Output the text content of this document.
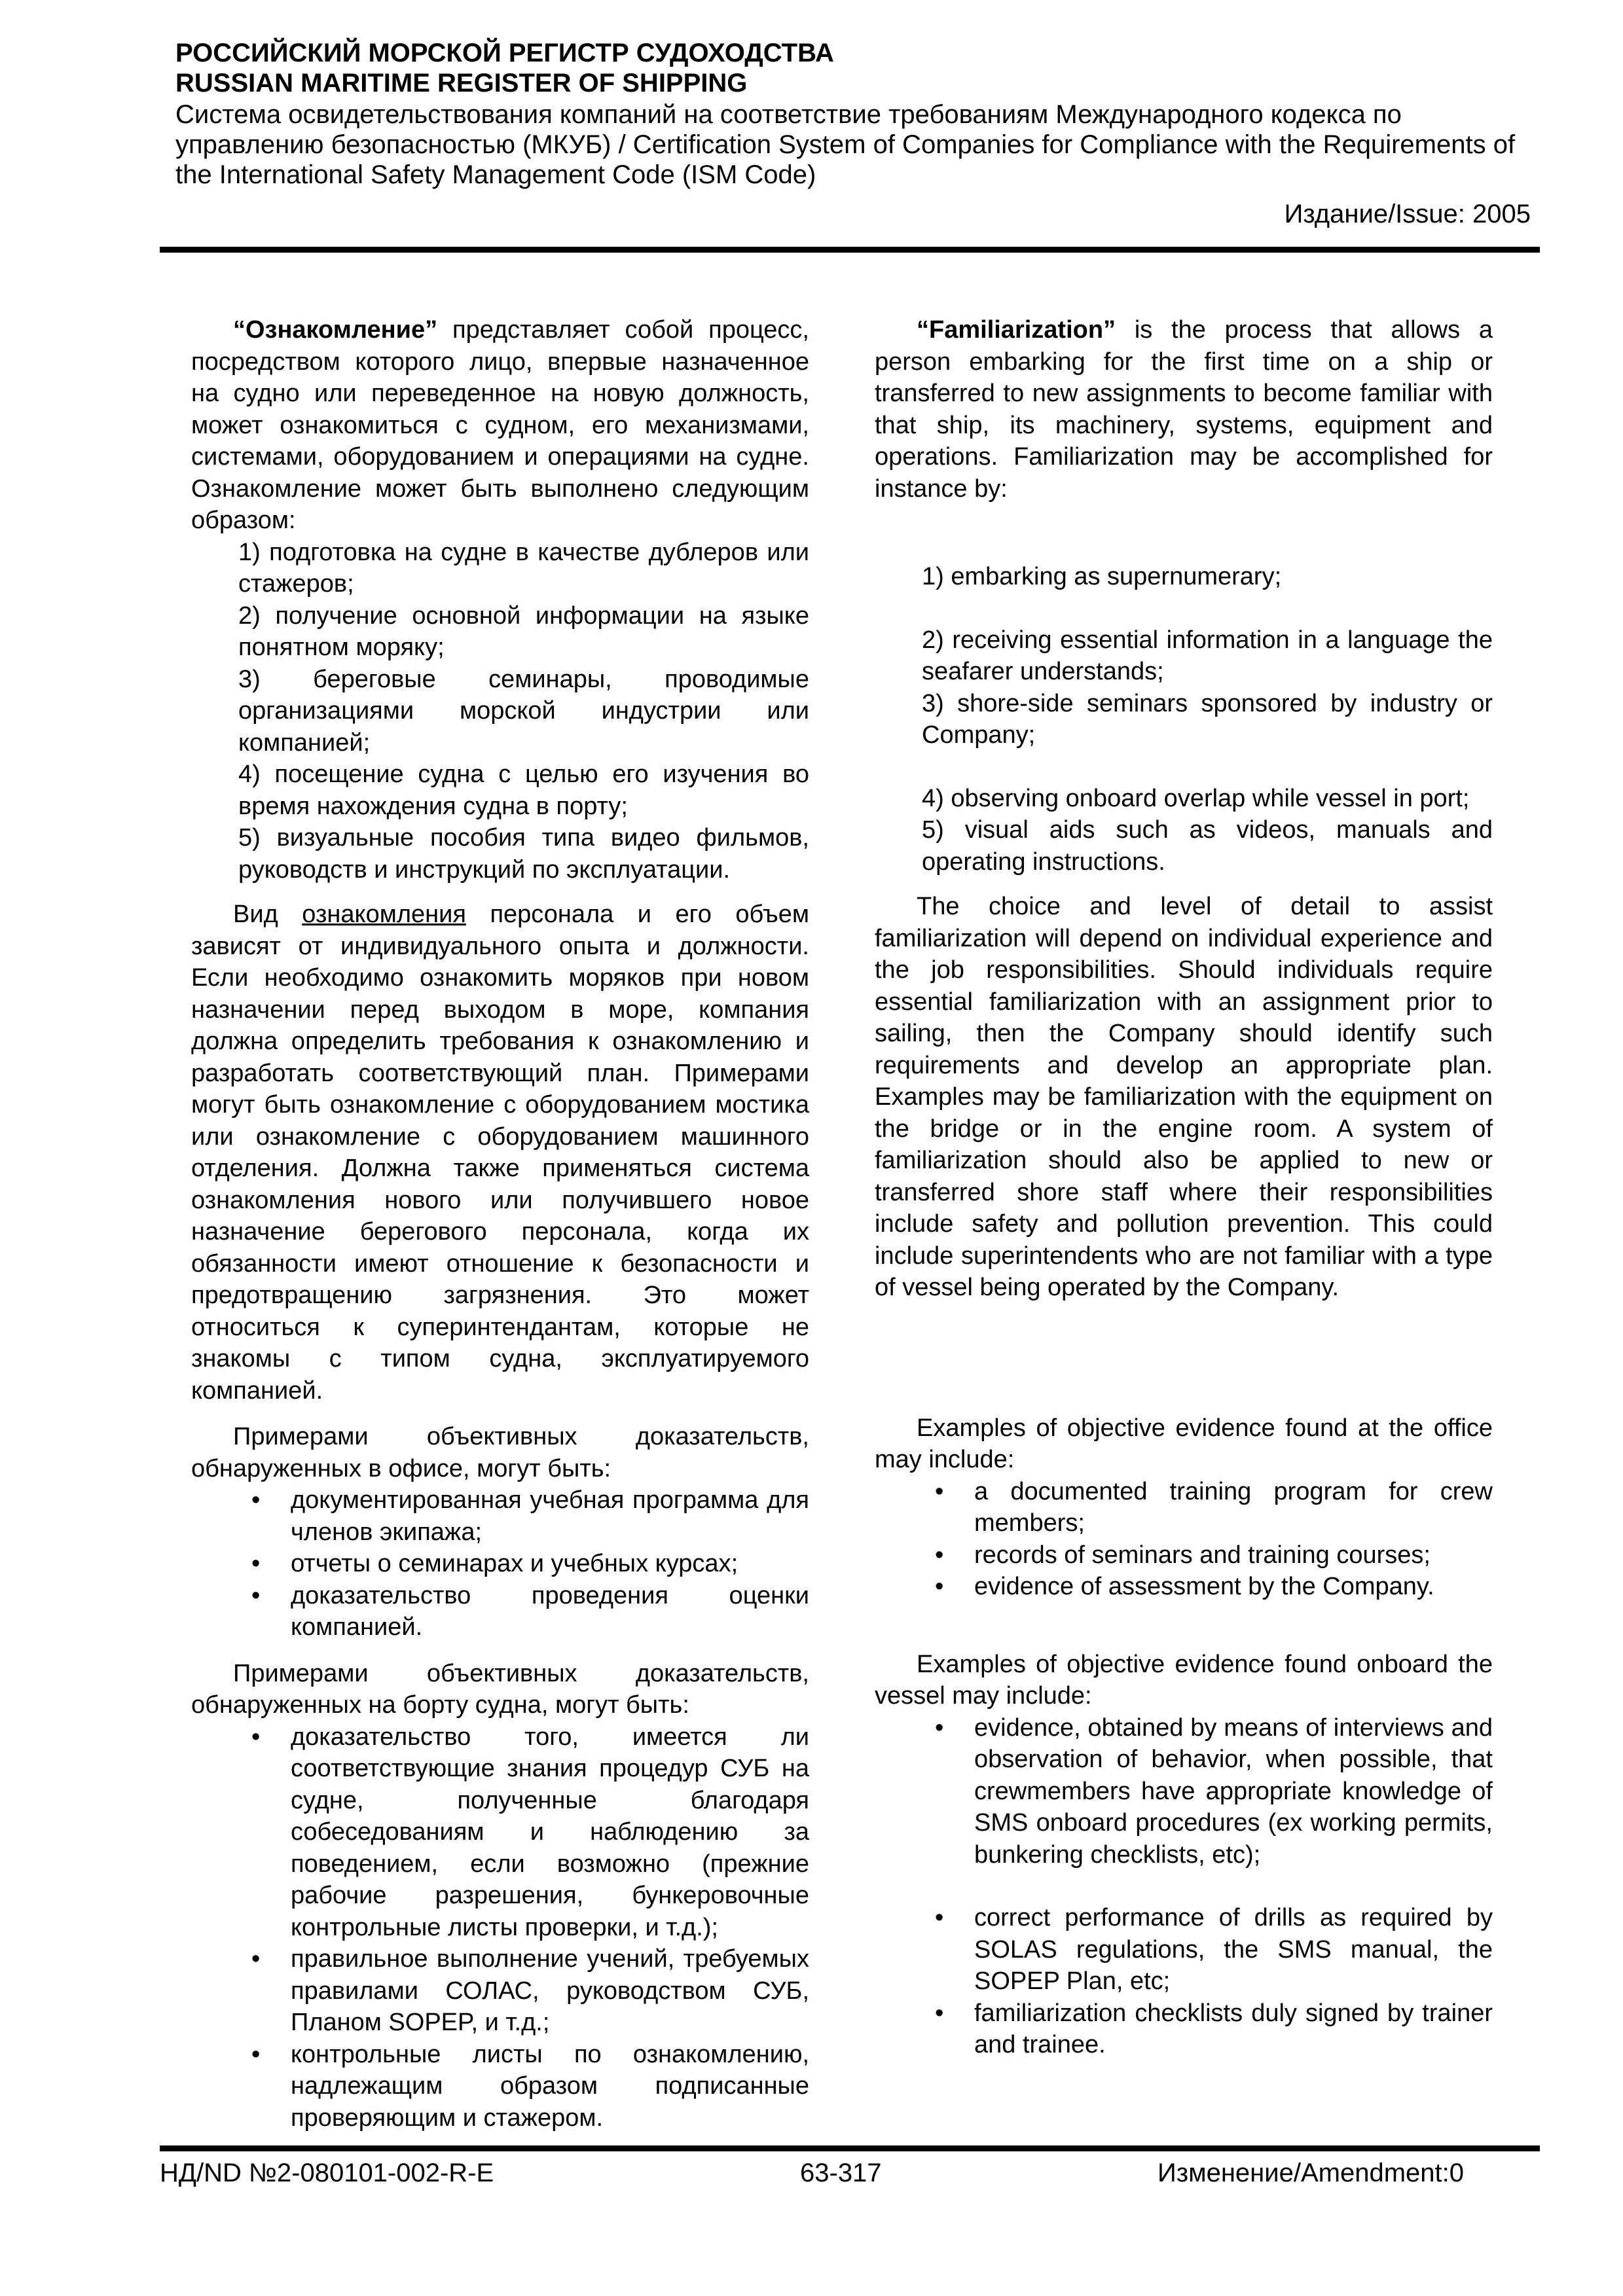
РОССИЙСКИЙ МОРСКОЙ РЕГИСТР СУДОХОДСТВА
RUSSIAN MARITIME REGISTER OF SHIPPING
Система освидетельствования компаний на соответствие требованиям Международного кодекса по управлению безопасностью (МКУБ) / Certification System of Companies for Compliance with the Requirements of the International Safety Management Code (ISM Code)
Издание/Issue: 2005

“Ознакомление” представляет собой процесс, посредством которого лицо, впервые назначенное на судно или переведенное на новую должность, может ознакомиться с судном, его механизмами, системами, оборудованием и операциями на судне. Ознакомление может быть выполнено следующим образом:

1) подготовка на судне в качестве дублеров или стажеров;

2) получение основной информации на языке понятном моряку;

3) береговые семинары, проводимые организациями морской индустрии или компанией;

4) посещение судна с целью его изучения во время нахождения судна в порту;

5) визуальные пособия типа видео фильмов, руководств и инструкций по эксплуатации.

Вид ознакомления персонала и его объем зависят от индивидуального опыта и должности. Если необходимо ознакомить моряков при новом назначении перед выходом в море, компания должна определить требования к ознакомлению и разработать соответствующий план. Примерами могут быть ознакомление с оборудованием мостика или ознакомление с оборудованием машинного отделения. Должна также применяться система ознакомления нового или получившего новое назначение берегового персонала, когда их обязанности имеют отношение к безопасности и предотвращению загрязнения. Это может относиться к суперинтендантам, которые не знакомы с типом судна, эксплуатируемого компанией.

Примерами объективных доказательств, обнаруженных в офисе, могут быть:

• документированная учебная программа для членов экипажа;
• отчеты о семинарах и учебных курсах;
• доказательство проведения оценки компанией.

Примерами объективных доказательств, обнаруженных на борту судна, могут быть:

• доказательство того, имеется ли соответствующие знания процедур СУБ на судне, полученные благодаря собеседованиям и наблюдению за поведением, если возможно (прежние рабочие разрешения, бункеровочные контрольные листы проверки, и т.д.);
• правильное выполнение учений, требуемых правилами СОЛАС, руководством СУБ, Планом SOPEP, и т.д.;
• контрольные листы по ознакомлению, надлежащим образом подписанные проверяющим и стажером.

“Familiarization” is the process that allows a person embarking for the first time on a ship or transferred to new assignments to become familiar with that ship, its machinery, systems, equipment and operations. Familiarization may be accomplished for instance by:

1) embarking as supernumerary;

2) receiving essential information in a language the seafarer understands;

3) shore-side seminars sponsored by industry or Company;

4) observing onboard overlap while vessel in port;

5) visual aids such as videos, manuals and operating instructions.

The choice and level of detail to assist familiarization will depend on individual experience and the job responsibilities. Should individuals require essential familiarization with an assignment prior to sailing, then the Company should identify such requirements and develop an appropriate plan. Examples may be familiarization with the equipment on the bridge or in the engine room. A system of familiarization should also be applied to new or transferred shore staff where their responsibilities include safety and pollution prevention. This could include superintendents who are not familiar with a type of vessel being operated by the Company.

Examples of objective evidence found at the office may include:

• a documented training program for crew members;
• records of seminars and training courses;
• evidence of assessment by the Company.

Examples of objective evidence found onboard the vessel may include:

• evidence, obtained by means of interviews and observation of behavior, when possible, that crewmembers have appropriate knowledge of SMS onboard procedures (ex working permits, bunkering checklists, etc);
• correct performance of drills as required by SOLAS regulations, the SMS manual, the SOPEP Plan, etc;
• familiarization checklists duly signed by trainer and trainee.
НД/ND №2-080101-002-R-E	63-317	Изменение/Amendment:0
